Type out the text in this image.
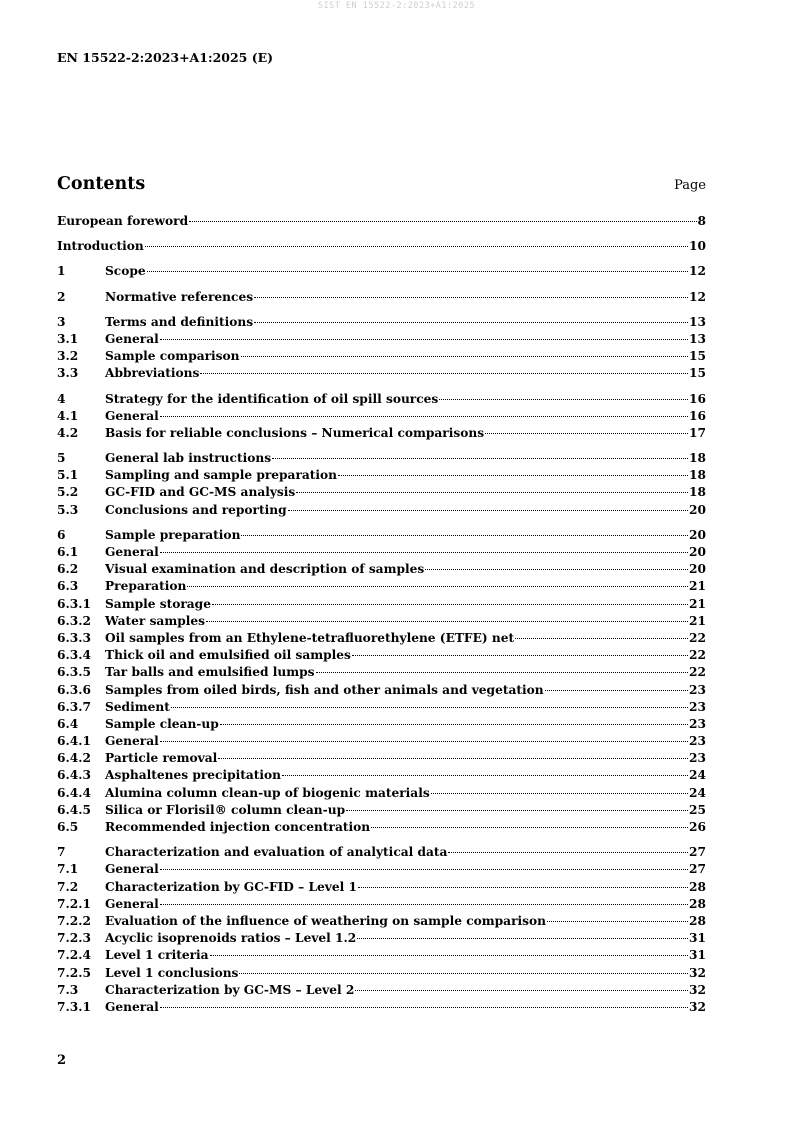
SIST EN 15522-2:2023+A1:2025
EN 15522-2:2023+A1:2025 (E)
Contents	Page
European foreword	8
Introduction	10
1	Scope	12
2	Normative references	12
3	Terms and definitions	13
3.1	General	13
3.2	Sample comparison	15
3.3	Abbreviations	15
4	Strategy for the identification of oil spill sources	16
4.1	General	16
4.2	Basis for reliable conclusions – Numerical comparisons	17
5	General lab instructions	18
5.1	Sampling and sample preparation	18
5.2	GC-FID and GC-MS analysis	18
5.3	Conclusions and reporting	20
6	Sample preparation	20
6.1	General	20
6.2	Visual examination and description of samples	20
6.3	Preparation	21
6.3.1	Sample storage	21
6.3.2	Water samples	21
6.3.3	Oil samples from an Ethylene-tetrafluorethylene (ETFE) net	22
6.3.4	Thick oil and emulsified oil samples	22
6.3.5	Tar balls and emulsified lumps	22
6.3.6	Samples from oiled birds, fish and other animals and vegetation	23
6.3.7	Sediment	23
6.4	Sample clean-up	23
6.4.1	General	23
6.4.2	Particle removal	23
6.4.3	Asphaltenes precipitation	24
6.4.4	Alumina column clean-up of biogenic materials	24
6.4.5	Silica or Florisil® column clean-up	25
6.5	Recommended injection concentration	26
7	Characterization and evaluation of analytical data	27
7.1	General	27
7.2	Characterization by GC-FID – Level 1	28
7.2.1	General	28
7.2.2	Evaluation of the influence of weathering on sample comparison	28
7.2.3	Acyclic isoprenoids ratios – Level 1.2	31
7.2.4	Level 1 criteria	31
7.2.5	Level 1 conclusions	32
7.3	Characterization by GC-MS – Level 2	32
7.3.1	General	32
2
